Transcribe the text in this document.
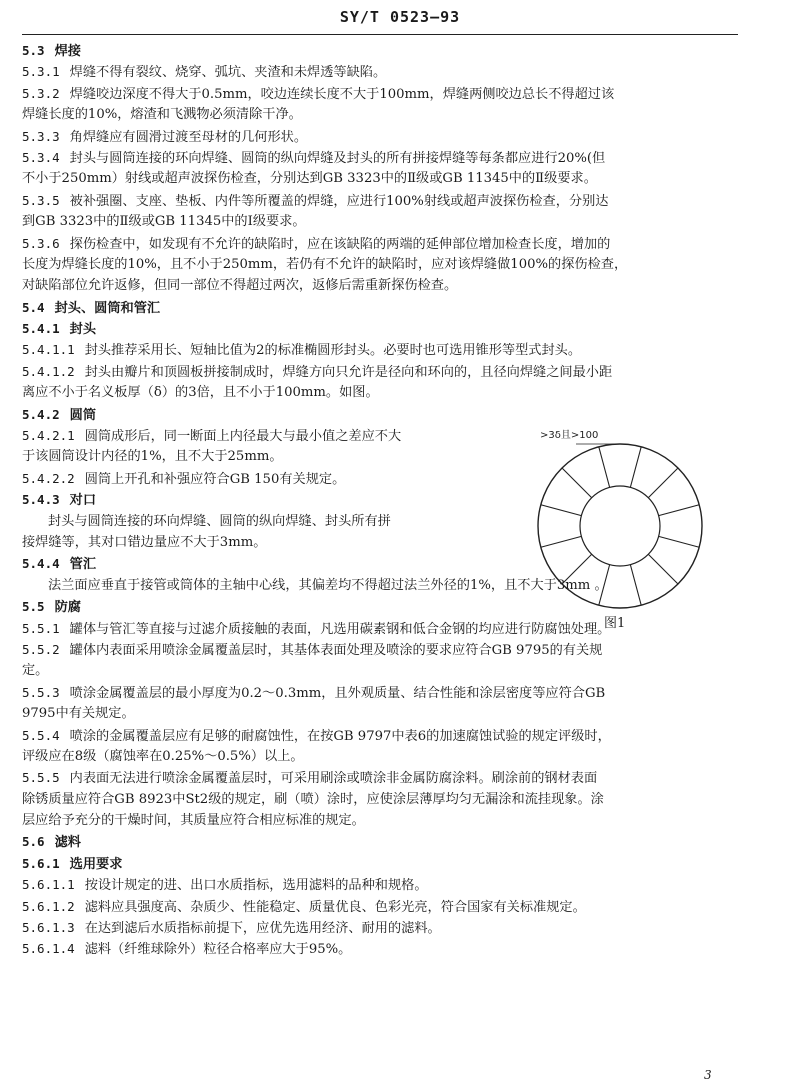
SY/T 0523—93
5.3 焊接
5.3.1 焊缝不得有裂纹、烧穿、弧坑、夹渣和未焊透等缺陷。
5.3.2 焊缝咬边深度不得大于0.5mm，咬边连续长度不大于100mm，焊缝两侧咬边总长不得超过该
焊缝长度的10%，熔渣和飞溅物必须清除干净。
5.3.3 角焊缝应有圆滑过渡至母材的几何形状。
5.3.4 封头与圆筒连接的环向焊缝、圆筒的纵向焊缝及封头的所有拼接焊缝等每条都应进行20%(但
不小于250mm）射线或超声波探伤检查，分别达到GB 3323中的Ⅱ级或GB 11345中的Ⅱ级要求。
5.3.5 被补强圈、支座、垫板、内件等所覆盖的焊缝，应进行100%射线或超声波探伤检查，分别达
到GB 3323中的Ⅱ级或GB 11345中的Ⅰ级要求。
5.3.6 探伤检查中，如发现有不允许的缺陷时，应在该缺陷的两端的延伸部位增加检查长度，增加的
长度为焊缝长度的10%，且不小于250mm，若仍有不允许的缺陷时，应对该焊缝做100%的探伤检查，
对缺陷部位允许返修，但同一部位不得超过两次，返修后需重新探伤检查。
5.4 封头、圆筒和管汇
5.4.1 封头
5.4.1.1 封头推荐采用长、短轴比值为2的标准椭圆形封头。必要时也可选用锥形等型式封头。
5.4.1.2 封头由瓣片和顶圆板拼接制成时，焊缝方向只允许是径向和环向的，且径向焊缝之间最小距
离应不小于名义板厚（δ）的3倍，且不小于100mm。如图。
5.4.2 圆筒
5.4.2.1 圆筒成形后，同一断面上内径最大与最小值之差应不大
于该圆筒设计内径的1%，且不大于25mm。
5.4.2.2 圆筒上开孔和补强应符合GB 150有关规定。
5.4.3 对口
封头与圆筒连接的环向焊缝、圆筒的纵向焊缝、封头所有拼
接焊缝等，其对口错边量应不大于3mm。
5.4.4 管汇
法兰面应垂直于接管或筒体的主轴中心线，其偏差均不得超过法兰外径的1%，且不大于3mm 。
5.5 防腐
5.5.1 罐体与管汇等直接与过滤介质接触的表面，凡选用碳素钢和低合金钢的均应进行防腐蚀处理。
5.5.2 罐体内表面采用喷涂金属覆盖层时，其基体表面处理及喷涂的要求应符合GB 9795的有关规
定。
5.5.3 喷涂金属覆盖层的最小厚度为0.2～0.3mm，且外观质量、结合性能和涂层密度等应符合GB
9795中有关规定。
5.5.4 喷涂的金属覆盖层应有足够的耐腐蚀性，在按GB 9797中表6的加速腐蚀试验的规定评级时，
评级应在8级（腐蚀率在0.25%～0.5%）以上。
5.5.5 内表面无法进行喷涂金属覆盖层时，可采用刷涂或喷涂非金属防腐涂料。刷涂前的钢材表面
除锈质量应符合GB 8923中St2级的规定，刷（喷）涂时，应使涂层薄厚均匀无漏涂和流挂现象。涂
层应给予充分的干燥时间，其质量应符合相应标准的规定。
5.6 滤料
5.6.1 选用要求
5.6.1.1 按设计规定的进、出口水质指标，选用滤料的品种和规格。
5.6.1.2 滤料应具强度高、杂质少、性能稳定、质量优良、色彩光亮，符合国家有关标准规定。
5.6.1.3 在达到滤后水质指标前提下，应优先选用经济、耐用的滤料。
5.6.1.4 滤料（纤维球除外）粒径合格率应大于95%。
>3δ且>100
图1
3
